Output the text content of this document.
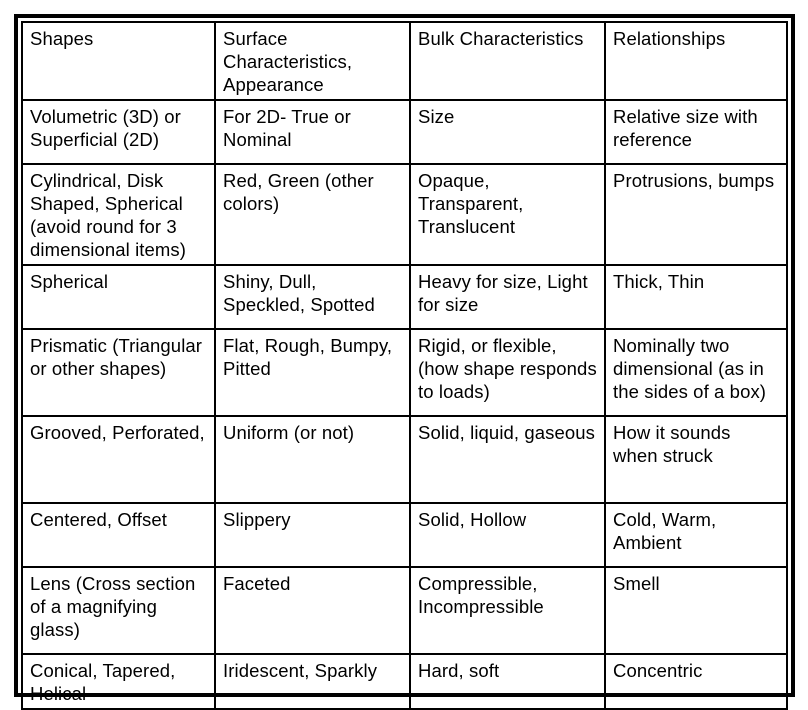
Shapes	Surface Characteristics, Appearance	Bulk Characteristics	Relationships
Volumetric (3D) or Superficial (2D)	For 2D- True or Nominal	Size	Relative size with reference
Cylindrical, Disk Shaped, Spherical (avoid round for 3 dimensional items)	Red, Green (other colors)	Opaque, Transparent, Translucent	Protrusions, bumps
Spherical	Shiny, Dull, Speckled, Spotted	Heavy for size, Light for size	Thick, Thin
Prismatic (Triangular or other shapes)	Flat, Rough, Bumpy, Pitted	Rigid, or flexible, (how shape responds to loads)	Nominally two dimensional (as in the sides of a box)
Grooved, Perforated,	Uniform (or not)	Solid, liquid, gaseous	How it sounds when struck
Centered, Offset	Slippery	Solid, Hollow	Cold, Warm, Ambient
Lens (Cross section of a magnifying glass)	Faceted	Compressible, Incompressible	Smell
Conical, Tapered, Helical	Iridescent, Sparkly	Hard, soft	Concentric
